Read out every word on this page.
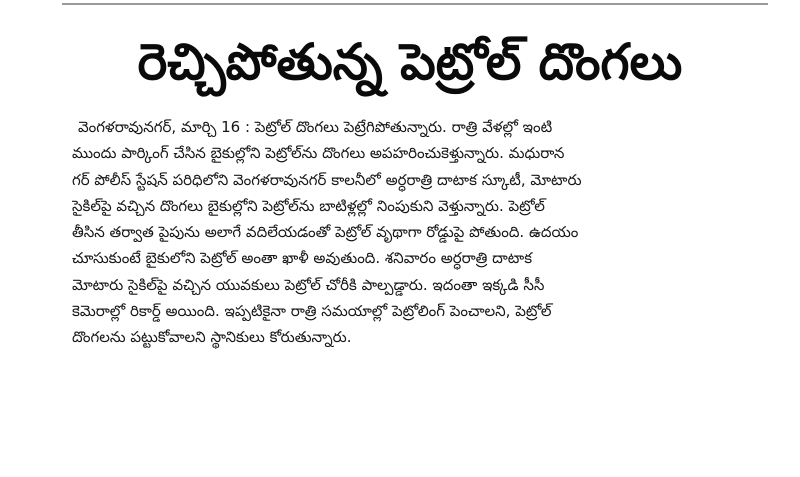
రెచ్చిపోతున్న పెట్రోల్ దొంగలు
వెంగళరావునగర్, మార్చి 16 : పెట్రోల్ దొంగలు పెట్రేగిపోతున్నారు. రాత్రి వేళల్లో ఇంటి
ముందు పార్కింగ్ చేసిన బైకుల్లోని పెట్రోల్‌ను దొంగలు అపహరించుకెళ్తున్నారు. మధురాన
గర్ పోలీస్ స్టేషన్ పరిధిలోని వెంగళరావునగర్ కాలనీలో అర్ధరాత్రి దాటాక స్కూటీ, మోటారు
సైకిల్‌పై వచ్చిన దొంగలు బైకుల్లోని పెట్రోల్‌ను బాటిళ్లల్లో నింపుకుని వెళ్తున్నారు. పెట్రోల్
తీసిన తర్వాత పైపును అలాగే వదిలేయడంతో పెట్రోల్ వృథాగా రోడ్డుపై పోతుంది. ఉదయం
చూసుకుంటే బైకులోని పెట్రోల్ అంతా ఖాళీ అవుతుంది. శనివారం అర్ధరాత్రి దాటాక
మోటారు సైకిల్‌పై వచ్చిన యువకులు పెట్రోల్ చోరీకి పాల్పడ్డారు. ఇదంతా ఇక్కడి సీసీ
కెమెరాల్లో రికార్డ్ అయింది. ఇప్పటికైనా రాత్రి సమయాల్లో పెట్రోలింగ్ పెంచాలని, పెట్రోల్
దొంగలను పట్టుకోవాలని స్థానికులు కోరుతున్నారు.
